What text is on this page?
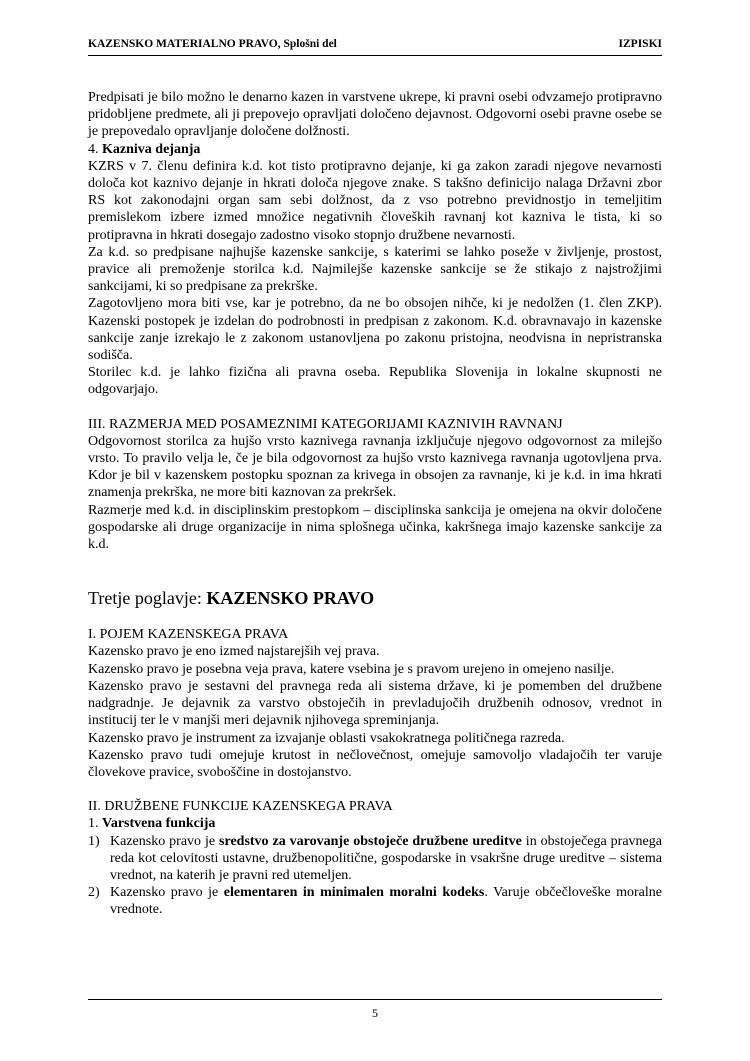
KAZENSKO MATERIALNO PRAVO, Splošni del	IZPISKI

Predpisati je bilo možno le denarno kazen in varstvene ukrepe, ki pravni osebi odvzamejo protipravno pridobljene predmete, ali ji prepovejo opravljati določeno dejavnost. Odgovorni osebi pravne osebe se je prepovedalo opravljanje določene dolžnosti.

4. Kazniva dejanja

KZRS v 7. členu definira k.d. kot tisto protipravno dejanje, ki ga zakon zaradi njegove nevarnosti določa kot kaznivo dejanje in hkrati določa njegove znake. S takšno definicijo nalaga Državni zbor RS kot zakonodajni organ sam sebi dolžnost, da z vso potrebno previdnostjo in temeljitim premislekom izbere izmed množice negativnih človeških ravnanj kot kazniva le tista, ki so protipravna in hkrati dosegajo zadostno visoko stopnjo družbene nevarnosti.

Za k.d. so predpisane najhujše kazenske sankcije, s katerimi se lahko poseže v življenje, prostost, pravice ali premoženje storilca k.d. Najmilejše kazenske sankcije se že stikajo z najstrožjimi sankcijami, ki so predpisane za prekrške.

Zagotovljeno mora biti vse, kar je potrebno, da ne bo obsojen nihče, ki je nedolžen (1. člen ZKP). Kazenski postopek je izdelan do podrobnosti in predpisan z zakonom. K.d. obravnavajo in kazenske sankcije zanje izrekajo le z zakonom ustanovljena po zakonu pristojna, neodvisna in nepristranska sodišča.

Storilec k.d. je lahko fizična ali pravna oseba. Republika Slovenija in lokalne skupnosti ne odgovarjajo.

III. RAZMERJA MED POSAMEZNIMI KATEGORIJAMI KAZNIVIH RAVNANJ

Odgovornost storilca za hujšo vrsto kaznivega ravnanja izključuje njegovo odgovornost za milejšo vrsto. To pravilo velja le, če je bila odgovornost za hujšo vrsto kaznivega ravnanja ugotovljena prva. Kdor je bil v kazenskem postopku spoznan za krivega in obsojen za ravnanje, ki je k.d. in ima hkrati znamenja prekrška, ne more biti kaznovan za prekršek.

Razmerje med k.d. in disciplinskim prestopkom – disciplinska sankcija je omejena na okvir določene gospodarske ali druge organizacije in nima splošnega učinka, kakršnega imajo kazenske sankcije za k.d.

Tretje poglavje: KAZENSKO PRAVO

I. POJEM KAZENSKEGA PRAVA

Kazensko pravo je eno izmed najstarejših vej prava.

Kazensko pravo je posebna veja prava, katere vsebina je s pravom urejeno in omejeno nasilje.

Kazensko pravo je sestavni del pravnega reda ali sistema države, ki je pomemben del družbene nadgradnje. Je dejavnik za varstvo obstoječih in prevladujočih družbenih odnosov, vrednot in institucij ter le v manjši meri dejavnik njihovega spreminjanja.

Kazensko pravo je instrument za izvajanje oblasti vsakokratnega političnega razreda.

Kazensko pravo tudi omejuje krutost in nečlovečnost, omejuje samovoljo vladajočih ter varuje človekove pravice, svoboščine in dostojanstvo.

II. DRUŽBENE FUNKCIJE KAZENSKEGA PRAVA

1. Varstvena funkcija

1) Kazensko pravo je sredstvo za varovanje obstoječe družbene ureditve in obstoječega pravnega reda kot celovitosti ustavne, družbenopolitične, gospodarske in vsakršne druge ureditve – sistema vrednot, na katerih je pravni red utemeljen.
2) Kazensko pravo je elementaren in minimalen moralni kodeks. Varuje občečloveške moralne vrednote.
5
